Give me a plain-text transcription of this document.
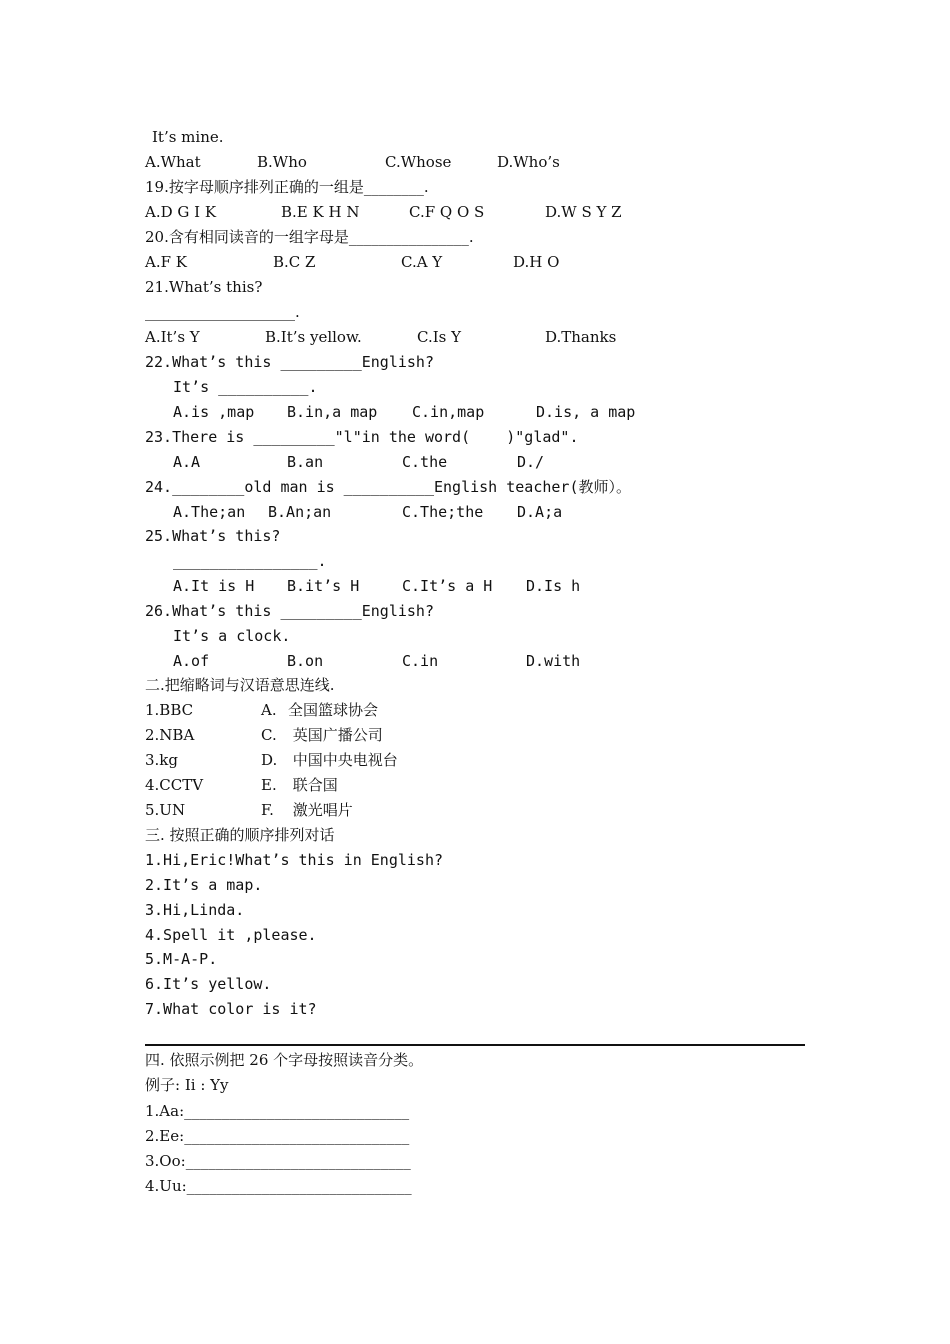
It’s mine.
A.What	B.Who	C.Whose	D.Who’s
19.按字母顺序排列正确的一组是________.
A.D G I K	B.E K H N	C.F Q O S	D.W S Y Z
20.含有相同读音的一组字母是________________.
A.F K	B.C Z	C.A Y	D.H O
21.What’s this?
____________________.
A.It’s Y	B.It’s yellow.	C.Is Y	D.Thanks
22.What’s this _________English?
It’s __________.
A.is ,map B.in,a map C.in,map	D.is, a map
23.There is _________"l"in the word(    )"glad".
A.A	B.an	C.the	D./
24.________old man is __________English teacher(教师）。
A.The;an B.An;an	C.The;the D.A;a
25.What’s this?
________________.
A.It is H B.it’s H	C.It’s a H D.Is h
26.What’s this _________English?
It’s a clock.
A.of	B.on	C.in	D.with
二.把缩略词与汉语意思连线.
1.BBC	A. 全国篮球协会
2.NBA	C. 英国广播公司
3.kg	D. 中国中央电视台
4.CCTV	E. 联合国
5.UN	F. 激光唱片
三. 按照正确的顺序排列对话
1.Hi,Eric!What’s this in English?
2.It’s a map.
3.Hi,Linda.
4.Spell it ,please.
5.M-A-P.
6.It’s yellow.
7.What color is it?
四. 依照示例把 26 个字母按照读音分类。
例子: Ii : Yy
1.Aa:______________________________
2.Ee:______________________________
3.Oo:______________________________
4.Uu:______________________________
